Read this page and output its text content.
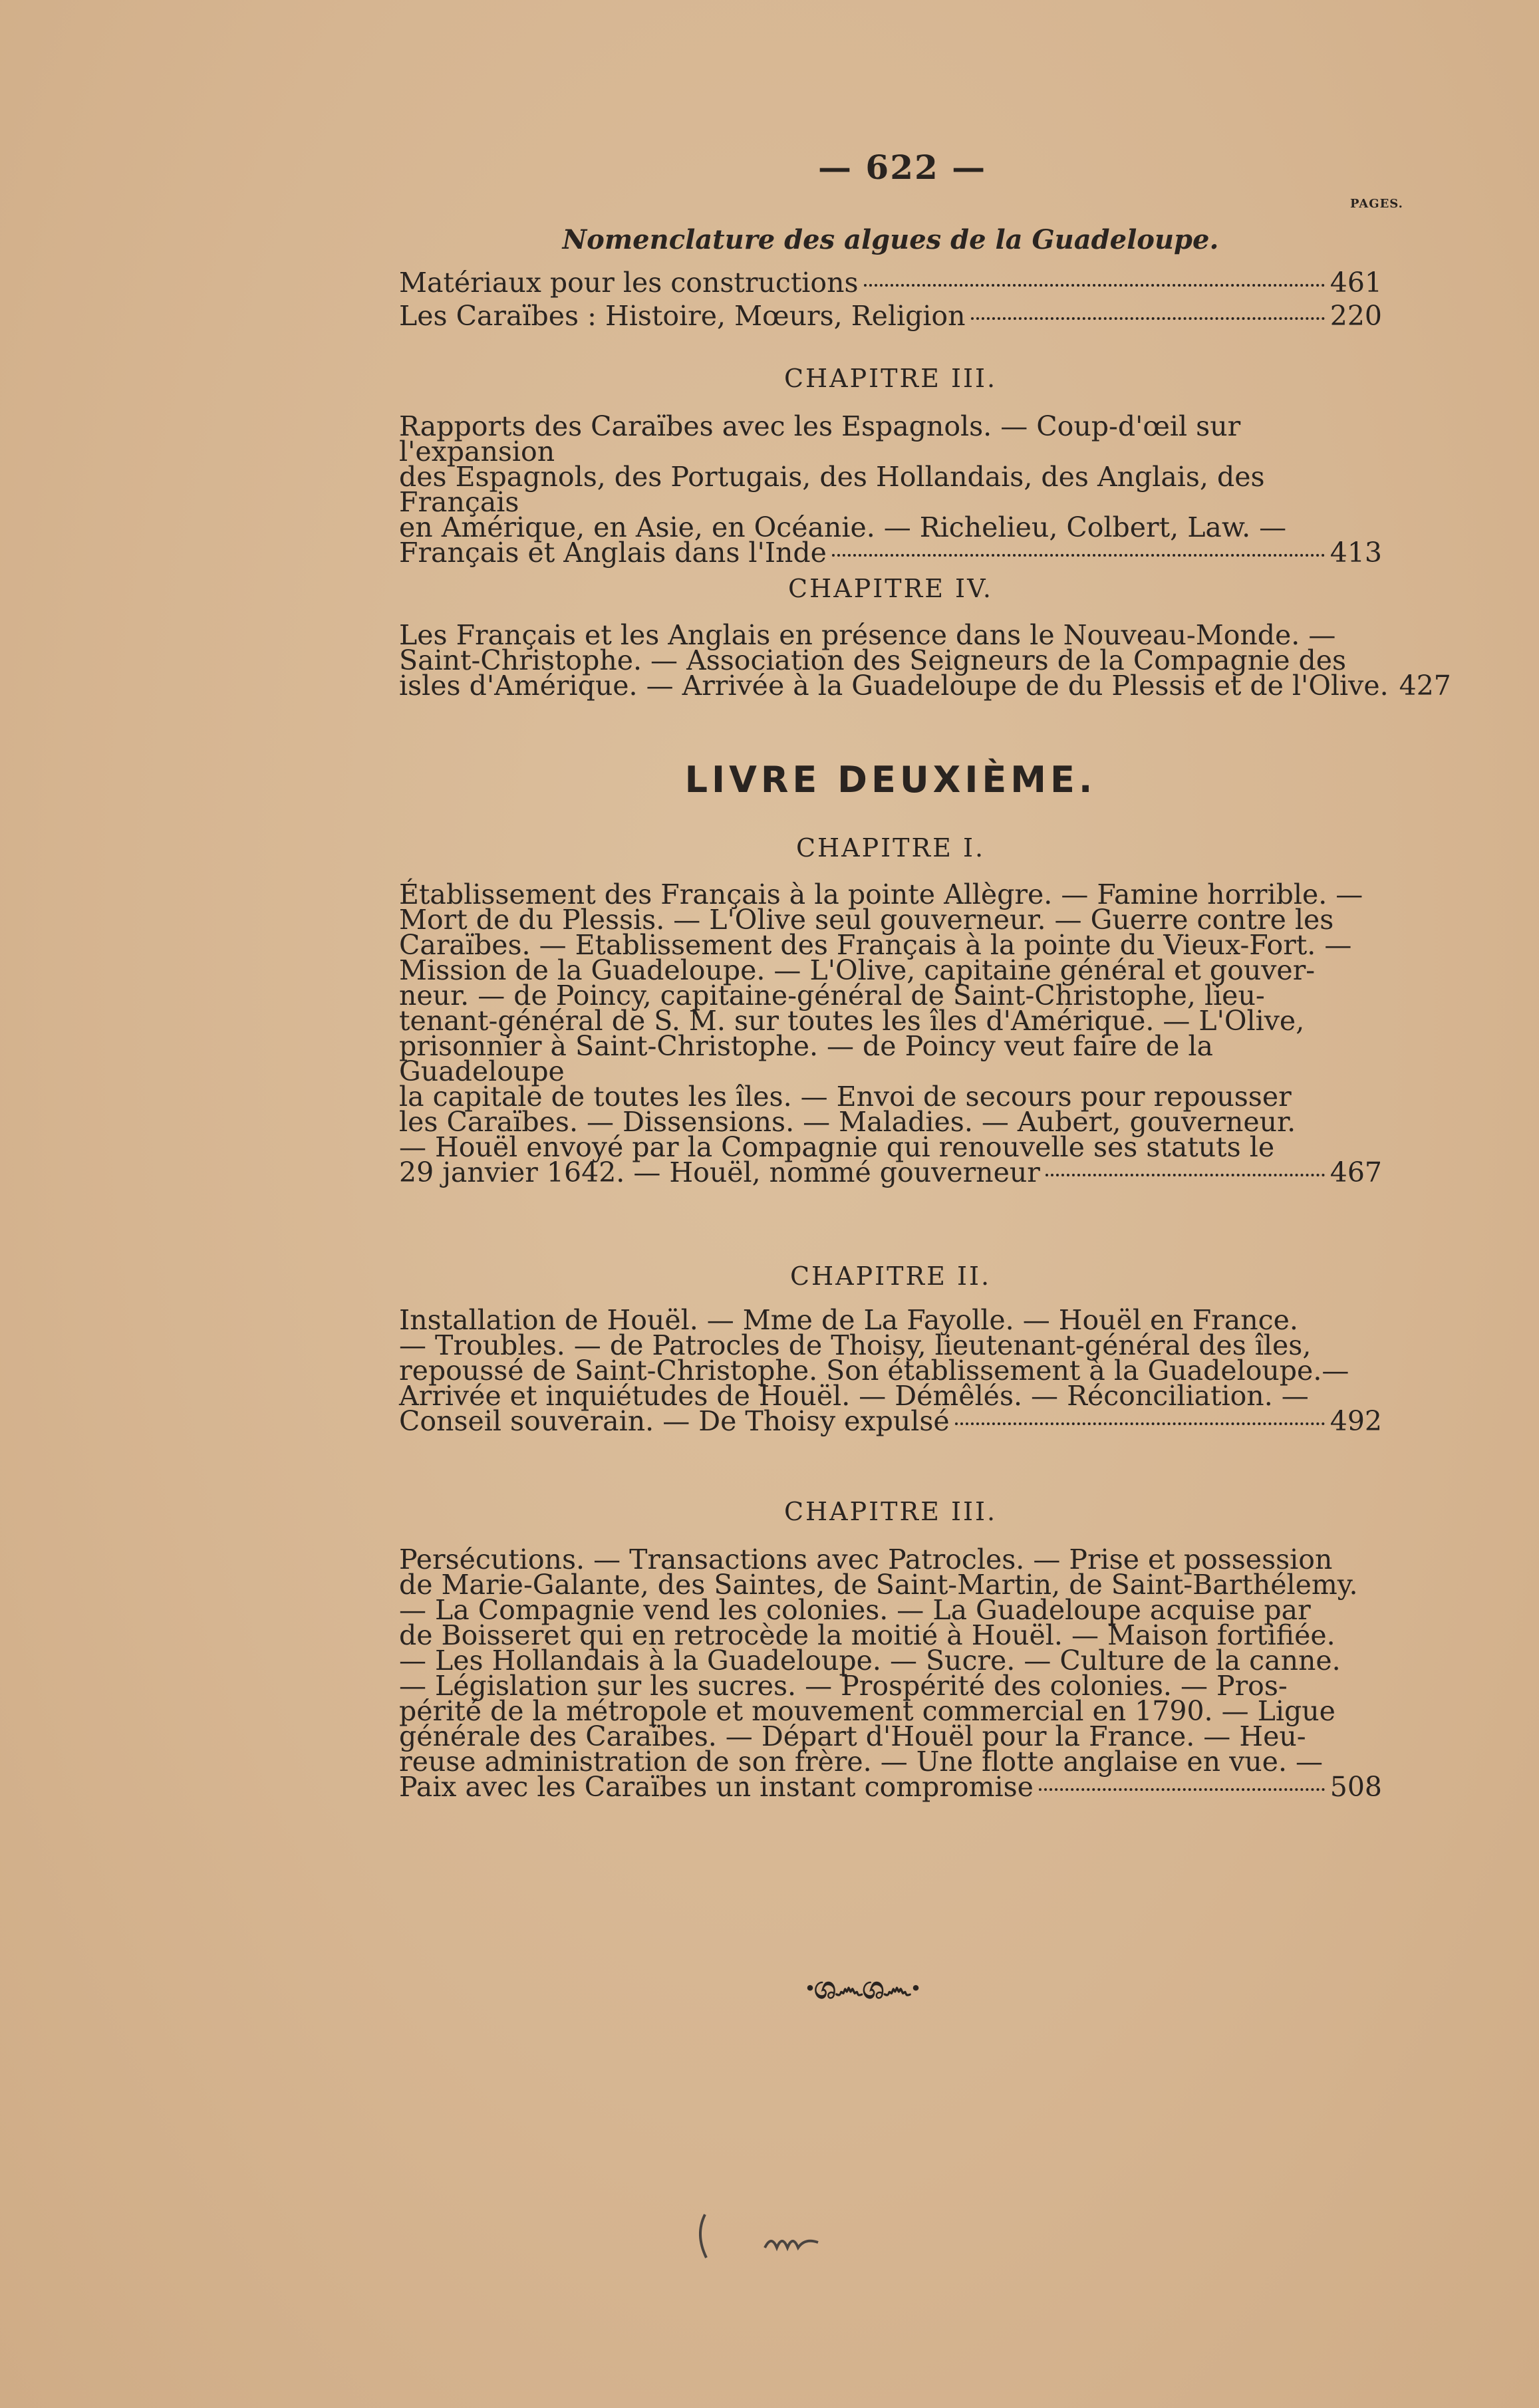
— 622 —
PAGES.
Nomenclature des algues de la Guadeloupe.
Matériaux pour les constructions	461
Les Caraïbes : Histoire, Mœurs, Religion	220
CHAPITRE III.
Rapports des Caraïbes avec les Espagnols. — Coup-d'œil sur l'expansion
des Espagnols, des Portugais, des Hollandais, des Anglais, des Français
en Amérique, en Asie, en Océanie. — Richelieu, Colbert, Law. —
Français et Anglais dans l'Inde	413
CHAPITRE IV.
Les Français et les Anglais en présence dans le Nouveau-Monde. —
Saint-Christophe. — Association des Seigneurs de la Compagnie des
isles d'Amérique. — Arrivée à la Guadeloupe de du Plessis et de l'Olive. 427
LIVRE DEUXIÈME.
CHAPITRE I.
Établissement des Français à la pointe Allègre. — Famine horrible. —
Mort de du Plessis. — L'Olive seul gouverneur. — Guerre contre les
Caraïbes. — Etablissement des Français à la pointe du Vieux-Fort. —
Mission de la Guadeloupe. — L'Olive, capitaine général et gouver-
neur. — de Poincy, capitaine-général de Saint-Christophe, lieu-
tenant-général de S. M. sur toutes les îles d'Amérique. — L'Olive,
prisonnier à Saint-Christophe. — de Poincy veut faire de la Guadeloupe
la capitale de toutes les îles. — Envoi de secours pour repousser
les Caraïbes. — Dissensions. — Maladies. — Aubert, gouverneur.
— Houël envoyé par la Compagnie qui renouvelle ses statuts le
29 janvier 1642. — Houël, nommé gouverneur	467
CHAPITRE II.
Installation de Houël. — Mme de La Fayolle. — Houël en France.
— Troubles. — de Patrocles de Thoisy, lieutenant-général des îles,
repoussé de Saint-Christophe. Son établissement à la Guadeloupe.—
Arrivée et inquiétudes de Houël. — Démêlés. — Réconciliation. —
Conseil souverain. — De Thoisy expulsé	492
CHAPITRE III.
Persécutions. — Transactions avec Patrocles. — Prise et possession
de Marie-Galante, des Saintes, de Saint-Martin, de Saint-Barthélemy.
— La Compagnie vend les colonies. — La Guadeloupe acquise par
de Boisseret qui en retrocède la moitié à Houël. — Maison fortifiée.
— Les Hollandais à la Guadeloupe. — Sucre. — Culture de la canne.
— Législation sur les sucres. — Prospérité des colonies. — Pros-
périté de la métropole et mouvement commercial en 1790. — Ligue
générale des Caraïbes. — Départ d'Houël pour la France. — Heu-
reuse administration de son frère. — Une flotte anglaise en vue. —
Paix avec les Caraïbes un instant compromise	508
·ශ෴ශ෴·
